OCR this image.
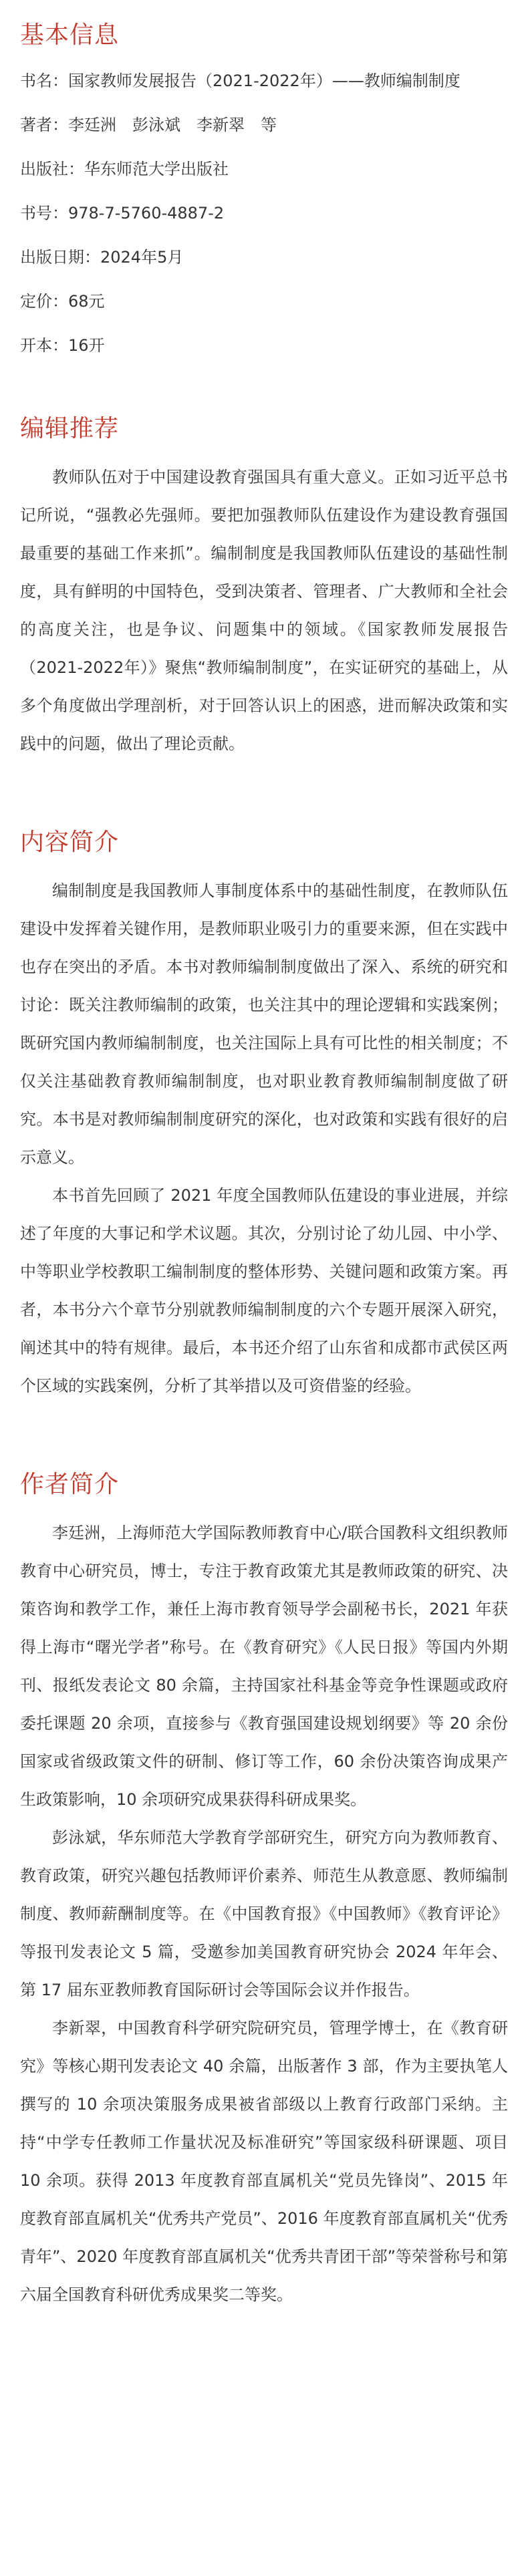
基本信息

书名：国家教师发展报告（2021-2022年）——教师编制制度

著者：李廷洲　彭泳斌　李新翠　等

出版社：华东师范大学出版社

书号：978-7-5760-4887-2

出版日期：2024年5月

定价：68元

开本：16开

编辑推荐

教师队伍对于中国建设教育强国具有重大意义。正如习近平总书记所说，“强教必先强师。要把加强教师队伍建设作为建设教育强国最重要的基础工作来抓”。编制制度是我国教师队伍建设的基础性制度，具有鲜明的中国特色，受到决策者、管理者、广大教师和全社会的高度关注，也是争议、问题集中的领域。《国家教师发展报告（2021-2022年）》聚焦“教师编制制度”，在实证研究的基础上，从多个角度做出学理剖析，对于回答认识上的困惑，进而解决政策和实践中的问题，做出了理论贡献。

内容简介

编制制度是我国教师人事制度体系中的基础性制度，在教师队伍建设中发挥着关键作用，是教师职业吸引力的重要来源，但在实践中也存在突出的矛盾。本书对教师编制制度做出了深入、系统的研究和讨论：既关注教师编制的政策，也关注其中的理论逻辑和实践案例；既研究国内教师编制制度，也关注国际上具有可比性的相关制度；不仅关注基础教育教师编制制度，也对职业教育教师编制制度做了研究。本书是对教师编制制度研究的深化，也对政策和实践有很好的启示意义。

本书首先回顾了 2021 年度全国教师队伍建设的事业进展，并综述了年度的大事记和学术议题。其次，分别讨论了幼儿园、中小学、中等职业学校教职工编制制度的整体形势、关键问题和政策方案。再者，本书分六个章节分别就教师编制制度的六个专题开展深入研究，阐述其中的特有规律。最后，本书还介绍了山东省和成都市武侯区两个区域的实践案例，分析了其举措以及可资借鉴的经验。

作者简介

李廷洲，上海师范大学国际教师教育中心/联合国教科文组织教师教育中心研究员，博士，专注于教育政策尤其是教师政策的研究、决策咨询和教学工作，兼任上海市教育领导学会副秘书长，2021 年获得上海市“曙光学者”称号。在《教育研究》《人民日报》等国内外期刊、报纸发表论文 80 余篇，主持国家社科基金等竞争性课题或政府委托课题 20 余项，直接参与《教育强国建设规划纲要》等 20 余份国家或省级政策文件的研制、修订等工作，60 余份决策咨询成果产生政策影响，10 余项研究成果获得科研成果奖。

彭泳斌，华东师范大学教育学部研究生，研究方向为教师教育、教育政策，研究兴趣包括教师评价素养、师范生从教意愿、教师编制制度、教师薪酬制度等。在《中国教育报》《中国教师》《教育评论》等报刊发表论文 5 篇，受邀参加美国教育研究协会 2024 年年会、第 17 届东亚教师教育国际研讨会等国际会议并作报告。

李新翠，中国教育科学研究院研究员，管理学博士，在《教育研究》等核心期刊发表论文 40 余篇，出版著作 3 部，作为主要执笔人撰写的 10 余项决策服务成果被省部级以上教育行政部门采纳。主持“中学专任教师工作量状况及标准研究”等国家级科研课题、项目 10 余项。获得 2013 年度教育部直属机关“党员先锋岗”、2015 年度教育部直属机关“优秀共产党员”、2016 年度教育部直属机关“优秀青年”、2020 年度教育部直属机关“优秀共青团干部”等荣誉称号和第六届全国教育科研优秀成果奖二等奖。
